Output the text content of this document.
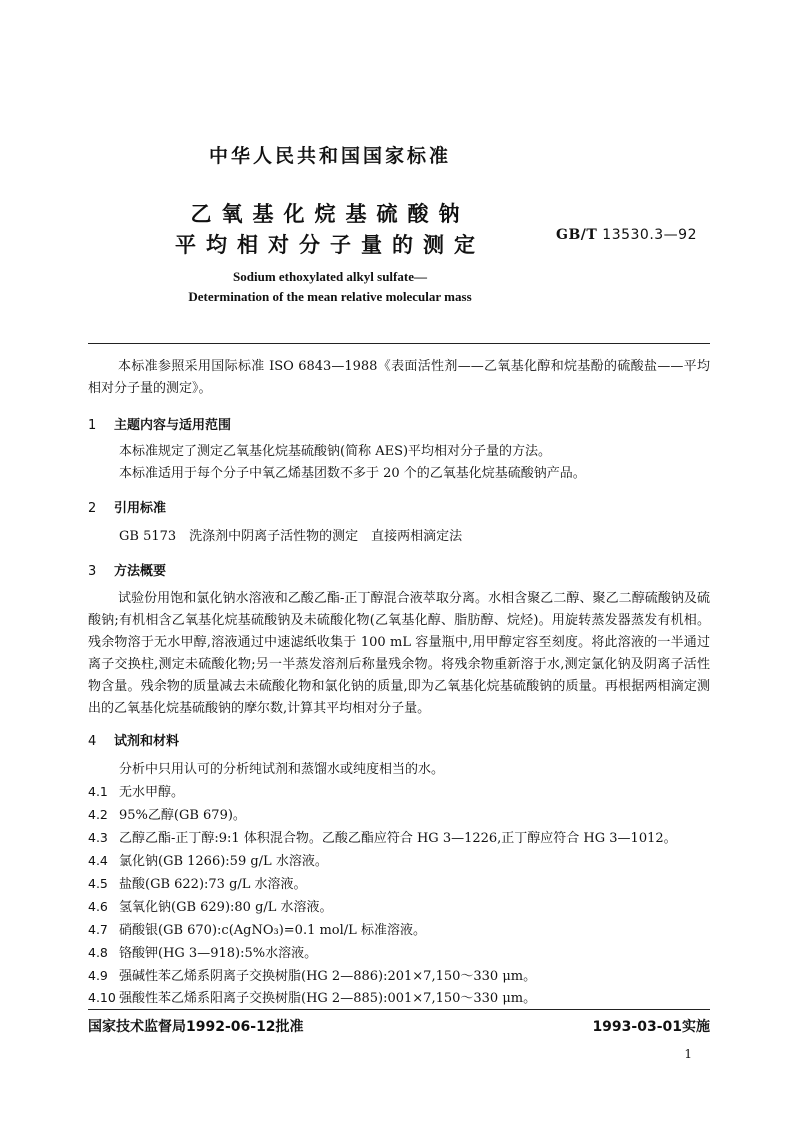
中华人民共和国国家标准
乙氧基化烷基硫酸钠
平均相对分子量的测定	GB/T 13530.3—92
Sodium ethoxylated alkyl sulfate—
Determination of the mean relative molecular mass
本标准参照采用国际标准 ISO 6843—1988《表面活性剂——乙氧基化醇和烷基酚的硫酸盐——平均相对分子量的测定》。
1 主题内容与适用范围
本标准规定了测定乙氧基化烷基硫酸钠(简称 AES)平均相对分子量的方法。
本标准适用于每个分子中氧乙烯基团数不多于 20 个的乙氧基化烷基硫酸钠产品。
2 引用标准
GB 5173　洗涤剂中阴离子活性物的测定　直接两相滴定法
3 方法概要
试验份用饱和氯化钠水溶液和乙酸乙酯-正丁醇混合液萃取分离。水相含聚乙二醇、聚乙二醇硫酸钠及硫酸钠;有机相含乙氧基化烷基硫酸钠及未硫酸化物(乙氧基化醇、脂肪醇、烷烃)。用旋转蒸发器蒸发有机相。残余物溶于无水甲醇,溶液通过中速滤纸收集于 100 mL 容量瓶中,用甲醇定容至刻度。将此溶液的一半通过离子交换柱,测定未硫酸化物;另一半蒸发溶剂后称量残余物。将残余物重新溶于水,测定氯化钠及阴离子活性物含量。残余物的质量减去未硫酸化物和氯化钠的质量,即为乙氧基化烷基硫酸钠的质量。再根据两相滴定测出的乙氧基化烷基硫酸钠的摩尔数,计算其平均相对分子量。
4 试剂和材料
分析中只用认可的分析纯试剂和蒸馏水或纯度相当的水。
4.1 无水甲醇。
4.2 95%乙醇(GB 679)。
4.3 乙醇乙酯-正丁醇:9:1 体积混合物。乙酸乙酯应符合 HG 3—1226,正丁醇应符合 HG 3—1012。
4.4 氯化钠(GB 1266):59 g/L 水溶液。
4.5 盐酸(GB 622):73 g/L 水溶液。
4.6 氢氧化钠(GB 629):80 g/L 水溶液。
4.7 硝酸银(GB 670):c(AgNO₃)=0.1 mol/L 标准溶液。
4.8 铬酸钾(HG 3—918):5%水溶液。
4.9 强碱性苯乙烯系阴离子交换树脂(HG 2—886):201×7,150～330 μm。
4.10 强酸性苯乙烯系阳离子交换树脂(HG 2—885):001×7,150～330 μm。
国家技术监督局1992-06-12批准	1993-03-01实施
1
